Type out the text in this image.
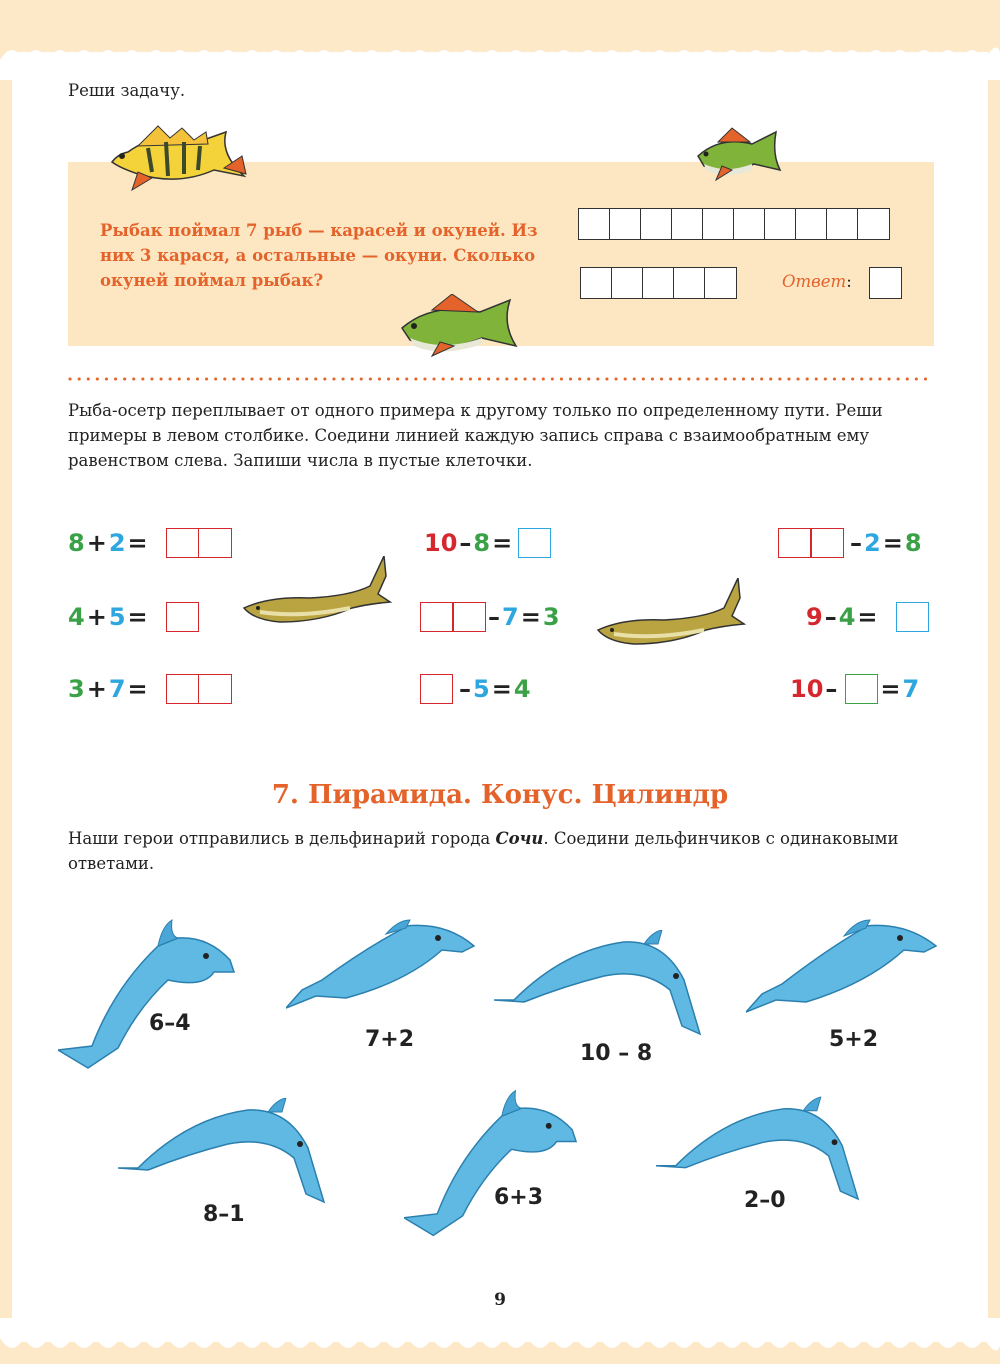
Реши задачу.
Рыбак поймал 7 рыб — карасей и окуней. Из них 3 карася, а остальные — окуни. Сколько окуней поймал рыбак?	Ответ:
Рыба-осетр переплывает от одного примера к другому только по определенному пути. Реши примеры в левом столбике. Соедини линией каждую запись справа с взаимообратным ему равенством слева. Запиши числа в пустые клеточки.
8 + 2 =
4 + 5 =
3 + 7 =
10 – 8 =
– 7 = 3
– 5 = 4
– 2 = 8
9 – 4 =
10 – = 7
7. Пирамида. Конус. Цилиндр
Наши герои отправились в дельфинарий города Сочи. Соедини дельфинчиков с одинаковыми ответами.
6–4
7+2
10 – 8
5+2
8–1
6+3	2–0
9
